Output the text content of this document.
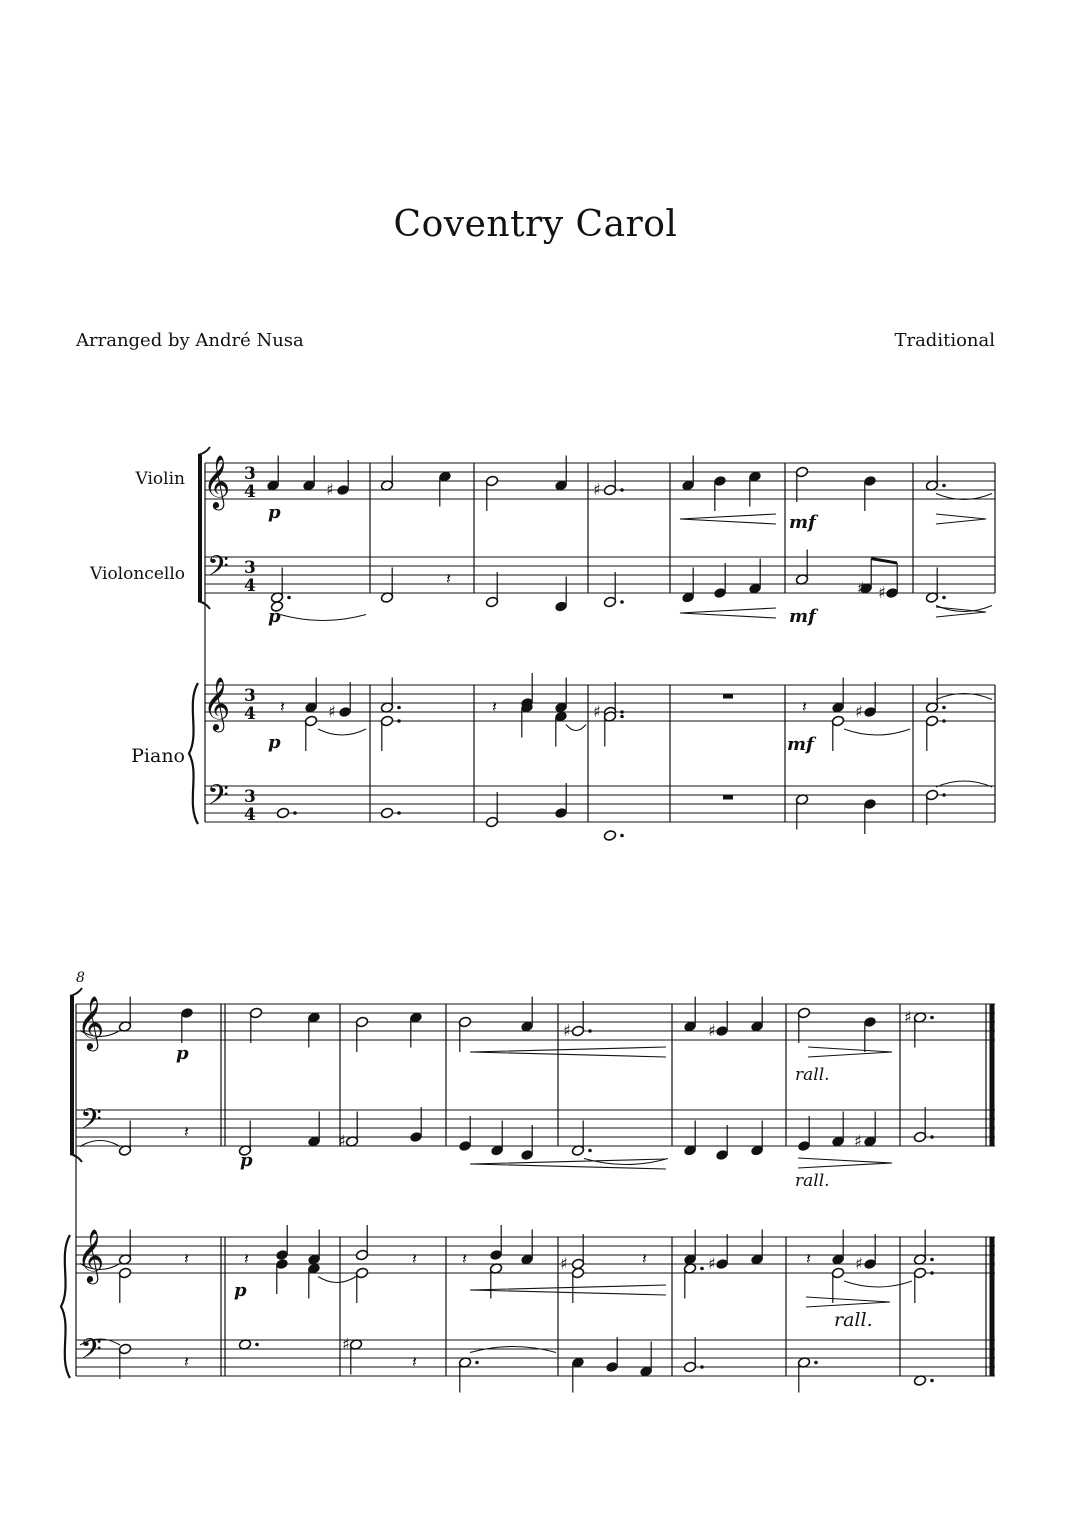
Coventry Carol
Arranged by André Nusa	Traditional
Violin
Violoncello
Piano
8
p
p
p
mf
mf
mf
p
p
p
rall.
rall.
rall.
𝄞
𝄢
𝄞
𝄢
3
4
3
4
3
4
3
4
♯	♯
𝄽	♯ ♯
𝄽	♯	𝄽	♯	𝄽	♯
𝄞
𝄢
𝄞
𝄢
♯	♯
♯
𝄽	♯	♯
𝄽	𝄽	𝄽	𝄽	♯	𝄽	♯	𝄽	♯
𝄽
♯
𝄽
